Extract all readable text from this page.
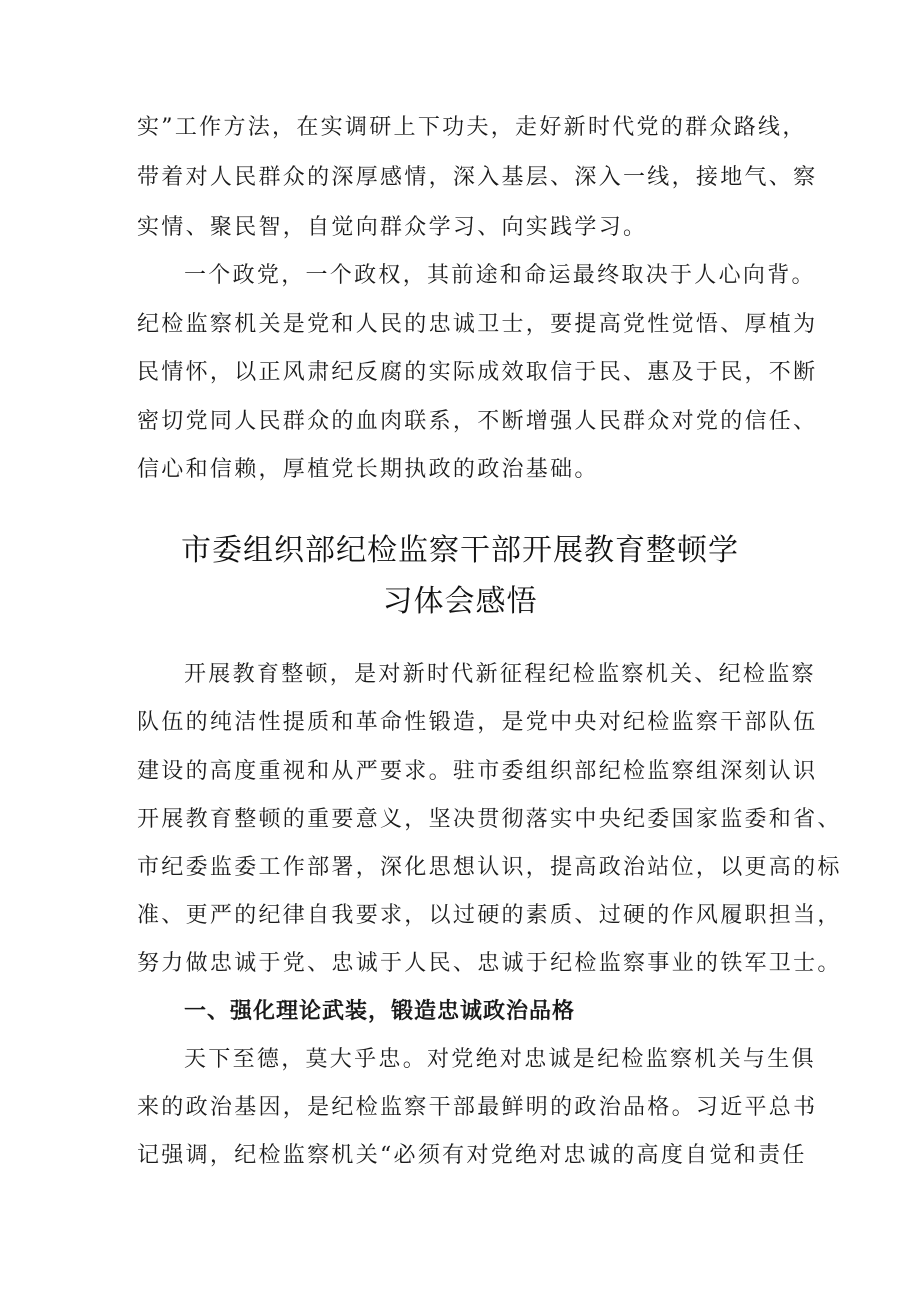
实”工作方法，在实调研上下功夫，走好新时代党的群众路线，
带着对人民群众的深厚感情，深入基层、深入一线，接地气、察
实情、聚民智，自觉向群众学习、向实践学习。
一个政党，一个政权，其前途和命运最终取决于人心向背。
纪检监察机关是党和人民的忠诚卫士，要提高党性觉悟、厚植为
民情怀，以正风肃纪反腐的实际成效取信于民、惠及于民，不断
密切党同人民群众的血肉联系，不断增强人民群众对党的信任、
信心和信赖，厚植党长期执政的政治基础。
市委组织部纪检监察干部开展教育整顿学
习体会感悟
开展教育整顿，是对新时代新征程纪检监察机关、纪检监察
队伍的纯洁性提质和革命性锻造，是党中央对纪检监察干部队伍
建设的高度重视和从严要求。驻市委组织部纪检监察组深刻认识
开展教育整顿的重要意义，坚决贯彻落实中央纪委国家监委和省、
市纪委监委工作部署，深化思想认识，提高政治站位，以更高的标
准、更严的纪律自我要求，以过硬的素质、过硬的作风履职担当，
努力做忠诚于党、忠诚于人民、忠诚于纪检监察事业的铁军卫士。
一、强化理论武装，锻造忠诚政治品格
天下至德，莫大乎忠。对党绝对忠诚是纪检监察机关与生俱
来的政治基因，是纪检监察干部最鲜明的政治品格。习近平总书
记强调，纪检监察机关“必须有对党绝对忠诚的高度自觉和责任
